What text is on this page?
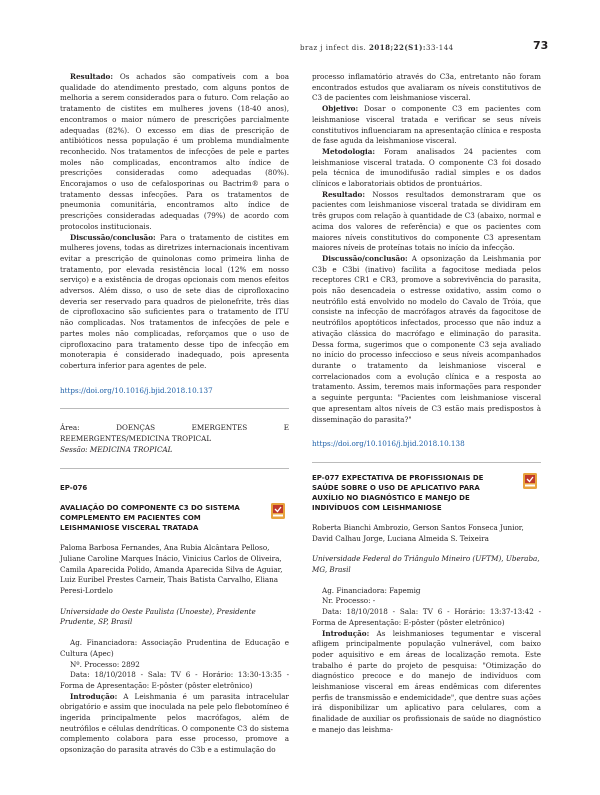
braz j infect dis. 2018;22(S1):33-144	73

Resultado: Os achados são compatíveis com a boa qualidade do atendimento prestado, com alguns pontos de melhoria a serem considerados para o futuro. Com relação ao tratamento de cistites em mulheres jovens (18-40 anos), encontramos o maior número de prescrições parcialmente adequadas (82%). O excesso em dias de prescrição de antibióticos nessa população é um problema mundialmente reconhecido. Nos tratamentos de infecções de pele e partes moles não complicadas, encontramos alto índice de prescrições consideradas como adequadas (80%). Encorajamos o uso de cefalosporinas ou Bactrim® para o tratamento dessas infecções. Para os tratamentos de pneumonia comunitária, encontramos alto índice de prescrições consideradas adequadas (79%) de acordo com protocolos institucionais.

Discussão/conclusão: Para o tratamento de cistites em mulheres jovens, todas as diretrizes internacionais incentivam evitar a prescrição de quinolonas como primeira linha de tratamento, por elevada resistência local (12% em nosso serviço) e a existência de drogas opcionais com menos efeitos adversos. Além disso, o uso de sete dias de ciprofloxacino deveria ser reservado para quadros de pielonefrite, três dias de ciprofloxacino são suficientes para o tratamento de ITU não complicadas. Nos tratamentos de infecções de pele e partes moles não complicadas, reforçamos que o uso de ciprofloxacino para tratamento desse tipo de infecção em monoterapia é considerado inadequado, pois apresenta cobertura inferior para agentes de pele.

https://doi.org/10.1016/j.bjid.2018.10.137

Área: DOENÇAS EMERGENTES E REEMERGENTES/MEDICINA TROPICAL

Sessão: MEDICINA TROPICAL

EP-076

AVALIAÇÃO DO COMPONENTE C3 DO SISTEMA COMPLEMENTO EM PACIENTES COM LEISHMANIOSE VISCERAL TRATADA

Paloma Barbosa Fernandes, Ana Rubia Alcântara Pelloso, Juliane Caroline Marques Inácio, Vinicius Carlos de Oliveira, Camila Aparecida Polido, Amanda Aparecida Silva de Aguiar, Luiz Euribel Prestes Carneir, Thais Batista Carvalho, Eliana Peresi-Lordelo

Universidade do Oeste Paulista (Unoeste), Presidente Prudente, SP, Brasil

Ag. Financiadora: Associação Prudentina de Educação e Cultura (Apec)

Nº. Processo: 2892

Data: 18/10/2018 - Sala: TV 6 - Horário: 13:30-13:35 - Forma de Apresentação: E-pôster (pôster eletrônico)

Introdução: A Leishmania é um parasita intracelular obrigatório e assim que inoculada na pele pelo flebotomíneo é ingerida principalmente pelos macrófagos, além de neutrófilos e células dendríticas. O componente C3 do sistema complemento colabora para esse processo, promove a opsonização do parasita através do C3b e a estimulação do

processo inflamatório através do C3a, entretanto não foram encontrados estudos que avaliaram os níveis constitutivos de C3 de pacientes com leishmaniose visceral.

Objetivo: Dosar o componente C3 em pacientes com leishmaniose visceral tratada e verificar se seus níveis constitutivos influenciaram na apresentação clínica e resposta de fase aguda da leishmaniose visceral.

Metodologia: Foram analisados 24 pacientes com leishmaniose visceral tratada. O componente C3 foi dosado pela técnica de imunodifusão radial simples e os dados clínicos e laboratoriais obtidos de prontuários.

Resultado: Nossos resultados demonstraram que os pacientes com leishmaniose visceral tratada se dividiram em três grupos com relação à quantidade de C3 (abaixo, normal e acima dos valores de referência) e que os pacientes com maiores níveis constitutivos do componente C3 apresentam maiores níveis de proteínas totais no início da infecção.

Discussão/conclusão: A opsonização da Leishmania por C3b e C3bi (inativo) facilita a fagocitose mediada pelos receptores CR1 e CR3, promove a sobrevivência do parasita, pois não desencadeia o estresse oxidativo, assim como o neutrófilo está envolvido no modelo do Cavalo de Tróia, que consiste na infecção de macrófagos através da fagocitose de neutrófilos apoptóticos infectados, processo que não induz a ativação clássica do macrófago e eliminação do parasita. Dessa forma, sugerimos que o componente C3 seja avaliado no início do processo infeccioso e seus níveis acompanhados durante o tratamento da leishmaniose visceral e correlacionados com a evolução clínica e a resposta ao tratamento. Assim, teremos mais informações para responder a seguinte pergunta: "Pacientes com leishmaniose visceral que apresentam altos níveis de C3 estão mais predispostos à disseminação do parasita?"

https://doi.org/10.1016/j.bjid.2018.10.138

EP-077 EXPECTATIVA DE PROFISSIONAIS DE SAÚDE SOBRE O USO DE APLICATIVO PARA AUXÍLIO NO DIAGNÓSTICO E MANEJO DE INDIVÍDUOS COM LEISHMANIOSE

Roberta Bianchi Ambrozio, Gerson Santos Fonseca Junior, David Calhau Jorge, Luciana Almeida S. Teixeira

Universidade Federal do Triângulo Mineiro (UFTM), Uberaba, MG, Brasil

Ag. Financiadora: Fapemig

Nr. Processo: -

Data: 18/10/2018 - Sala: TV 6 - Horário: 13:37-13:42 - Forma de Apresentação: E-pôster (pôster eletrônico)

Introdução: As leishmanioses tegumentar e visceral afligem principalmente população vulnerável, com baixo poder aquisitivo e em áreas de localização remota. Este trabalho é parte do projeto de pesquisa: "Otimização do diagnóstico precoce e do manejo de indivíduos com leishmaniose visceral em áreas endêmicas com diferentes perfis de transmissão e endemicidade", que dentre suas ações irá disponibilizar um aplicativo para celulares, com a finalidade de auxiliar os profissionais de saúde no diagnóstico e manejo das leishma-
